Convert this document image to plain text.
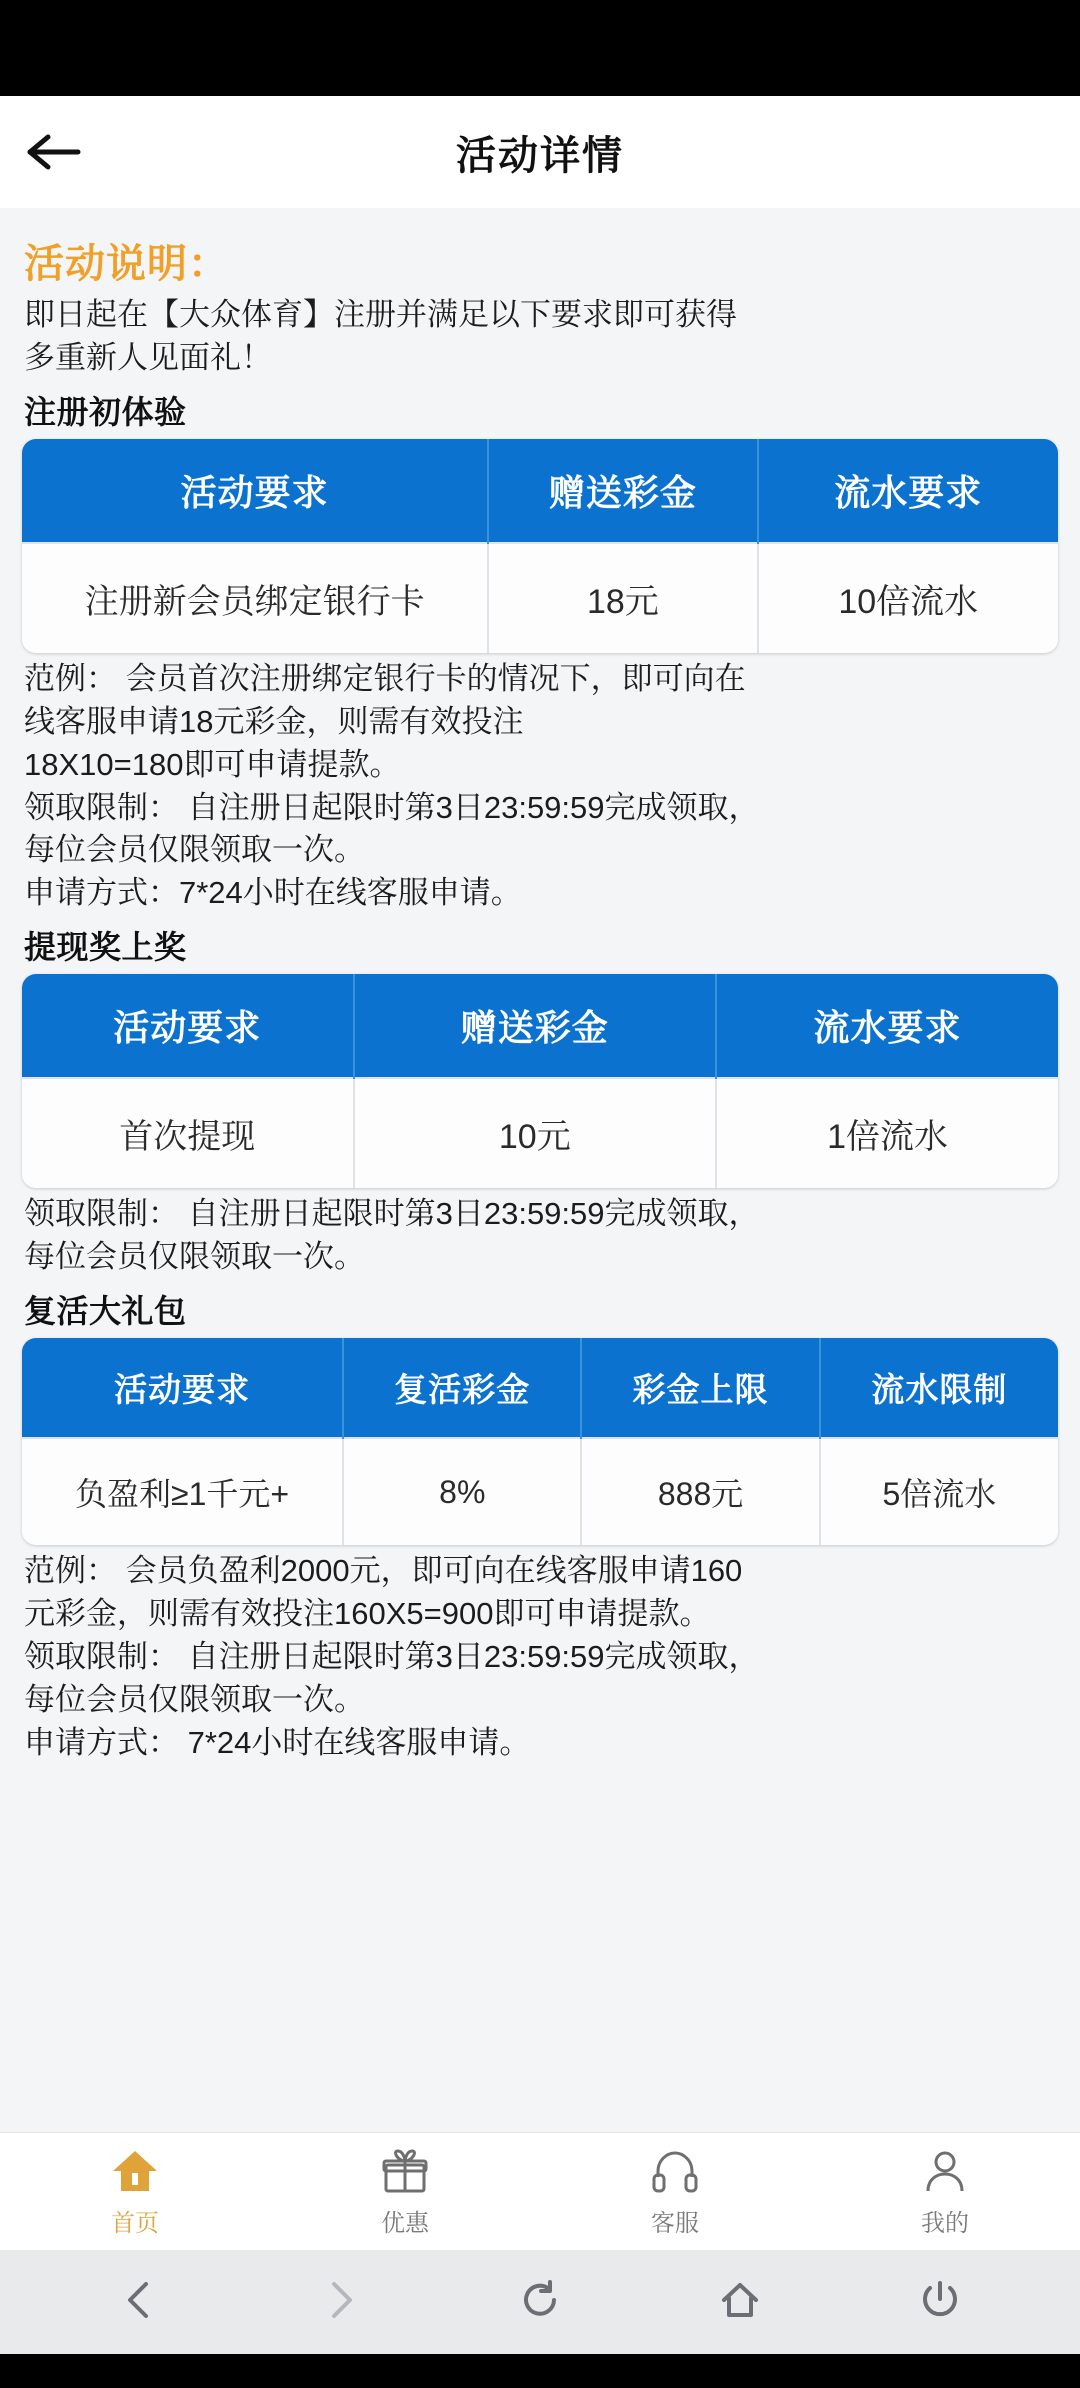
活动详情
活动说明：
即日起在【大众体育】注册并满足以下要求即可获得
多重新人见面礼！
注册初体验
活动要求	赠送彩金	流水要求
注册新会员绑定银行卡	18元	10倍流水
范例： 会员首次注册绑定银行卡的情况下，即可向在
线客服申请18元彩金，则需有效投注
18X10=180即可申请提款。
领取限制： 自注册日起限时第3日23:59:59完成领取，
每位会员仅限领取一次。
申请方式：7*24小时在线客服申请。
提现奖上奖
活动要求	赠送彩金	流水要求
首次提现	10元	1倍流水
领取限制： 自注册日起限时第3日23:59:59完成领取，
每位会员仅限领取一次。
复活大礼包
活动要求	复活彩金	彩金上限	流水限制
负盈利≥1千元+	8%	888元	5倍流水
范例： 会员负盈利2000元，即可向在线客服申请160
元彩金，则需有效投注160X5=900即可申请提款。
领取限制： 自注册日起限时第3日23:59:59完成领取，
每位会员仅限领取一次。
申请方式： 7*24小时在线客服申请。
首页	优惠	客服	我的
